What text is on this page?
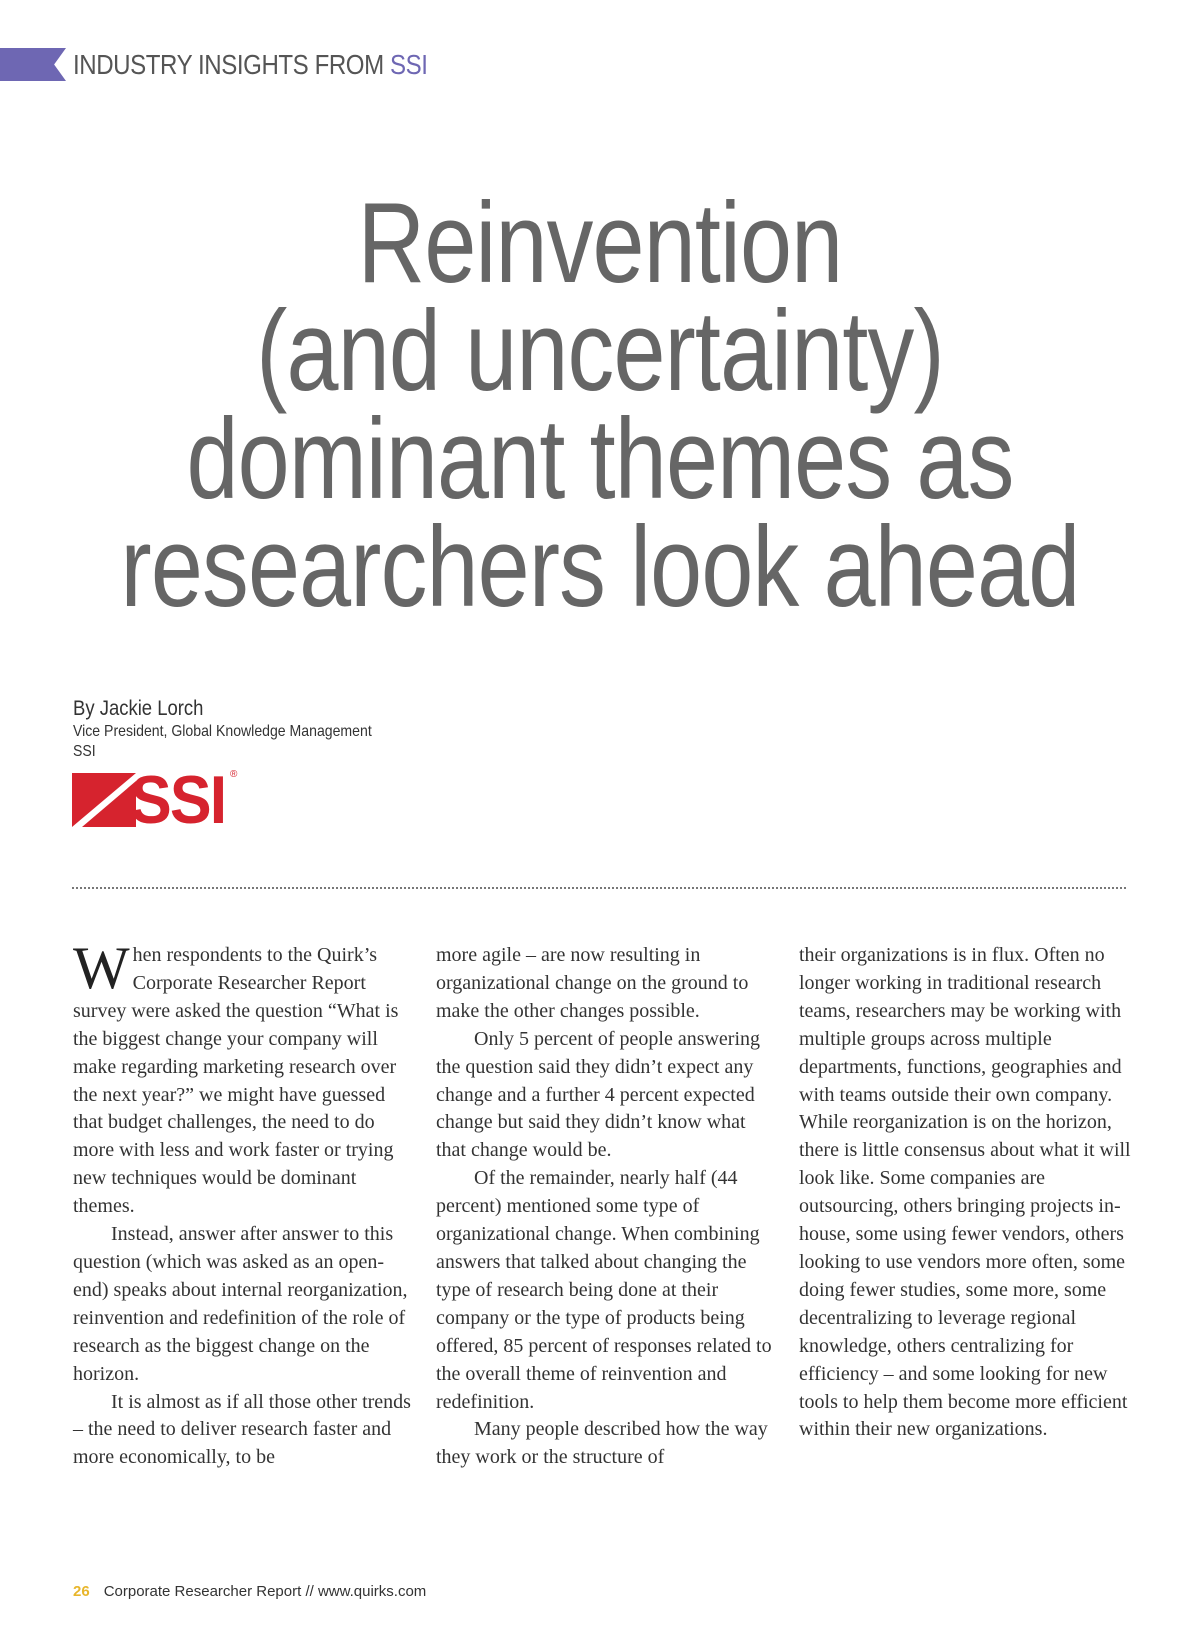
INDUSTRY INSIGHTS FROM SSI
Reinvention
(and uncertainty)
dominant themes as
researchers look ahead
By Jackie Lorch
Vice President, Global Knowledge Management
SSI
SSI ®

When respondents to the Quirk’s Corporate Researcher Report survey were asked the question “What is the biggest change your company will make regarding marketing research over the next year?” we might have guessed that budget challenges, the need to do more with less and work faster or trying new techniques would be dominant themes.

Instead, answer after answer to this question (which was asked as an open-end) speaks about internal reorganization, reinvention and redefinition of the role of research as the biggest change on the horizon.

It is almost as if all those other trends – the need to deliver research faster and more economically, to be

more agile – are now resulting in organizational change on the ground to make the other changes possible.

Only 5 percent of people answering the question said they didn’t expect any change and a further 4 percent expected change but said they didn’t know what that change would be.

Of the remainder, nearly half (44 percent) mentioned some type of organizational change. When combining answers that talked about changing the type of research being done at their company or the type of products being offered, 85 percent of responses related to the overall theme of reinvention and redefinition.

Many people described how the way they work or the structure of

their organizations is in flux. Often no longer working in traditional research teams, researchers may be working with multiple groups across multiple departments, functions, geographies and with teams outside their own company. While reorganization is on the horizon, there is little consensus about what it will look like. Some companies are outsourcing, others bringing projects in-house, some using fewer vendors, others looking to use vendors more often, some doing fewer studies, some more, some decentralizing to leverage regional knowledge, others centralizing for efficiency – and some looking for new tools to help them become more efficient within their new organizations.

26 Corporate Researcher Report // www.quirks.com
